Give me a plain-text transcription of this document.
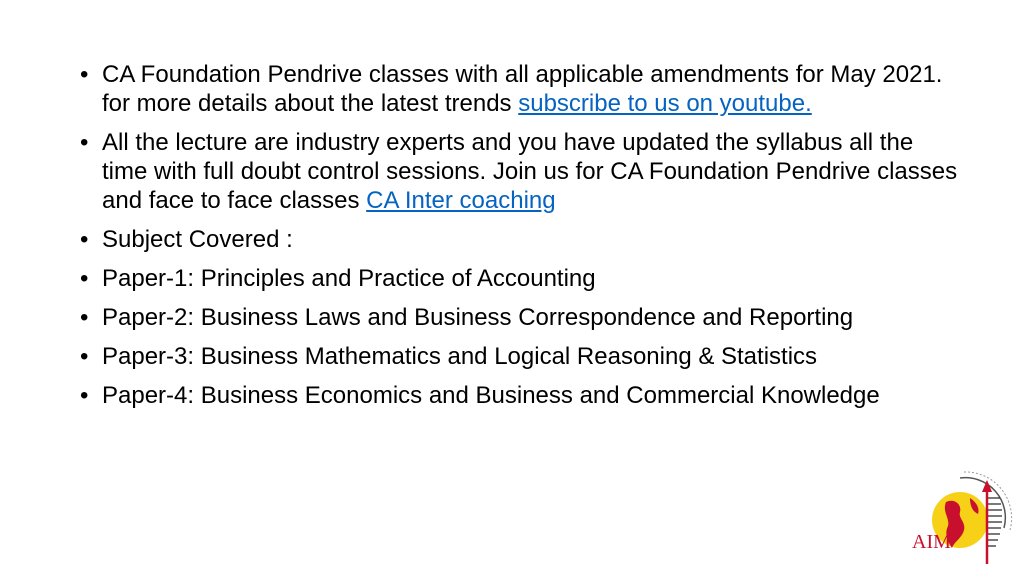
• CA Foundation Pendrive classes with all applicable amendments for May 2021. for more details about the latest trends subscribe to us on youtube.
• All the lecture are industry experts and you have updated the syllabus all the time with full doubt control sessions. Join us for CA Foundation Pendrive classes and face to face classes CA Inter coaching
• Subject Covered :
• Paper-1: Principles and Practice of Accounting
• Paper-2: Business Laws and Business Correspondence and Reporting
• Paper-3: Business Mathematics and Logical Reasoning & Statistics
• Paper-4: Business Economics and Business and Commercial Knowledge
AIM
